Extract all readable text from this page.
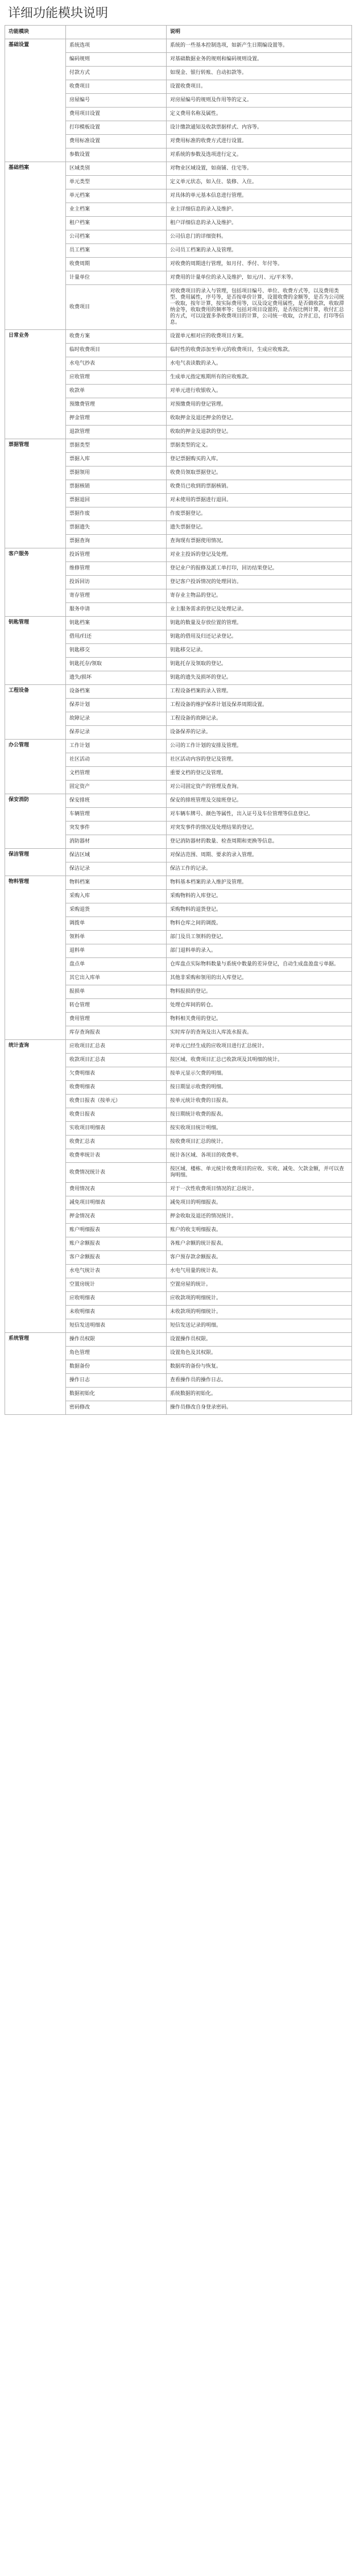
详细功能模块说明
功能模块		说明
基础设置	系统选项	系统的一些基本控制选项，如新产生日期编设置等。
	编码规则	对基础数据业务的规则和编码规则设置。
	付款方式	如现金、银行转账、自动扣款等。
	收费项目	设置收费项目。
	房屋编号	对房屋编号的规则及作用等的定义。
	费用项目设置	定义费用名称及属性。
	打印模板设置	设计缴款通知及收款票据样式、内容等。
	费用标准设置	对费用标准的收费方式进行设置。
	参数设置	对系统的参数及选项进行定义。
基础档案	区域类别	对物业区域设置，如商铺、住宅等。
	单元类型	定义单元状态，如入住、装修、入住。
	单元档案	对具体的单元基本信息进行管理。
	业主档案	业主详细信息的录入及维护。
	租户档案	租户详细信息的录入及维护。
	公司档案	公司信息门的详细资料。
	员工档案	公司员工档案的录入及管理。
	收费周期	对收费的周期进行管理，如月付、季付、年付等。
	计量单位	对费用的计量单位的录入及维护，如元/月、元/平米等。
	收费项目	对收费项目的录入与管理，包括项目编号、单位、收费方式等，以及费用类型、费用属性，序号等，是否按单价计算，设置收费的金额等，是否为公司统一收取，按年计算，按实际费用等，以及设定费用属性，是否做收款，收取滞纳金等，收取费用的频率等；包括对项目设置的，是否按比例计算，收付汇总的方式，可以设置多条收费项目的计算，公司统一收取，合并汇总，打印等信息。
日常业务	收费方案	设置单元相对应的收费项目方案。
	临时收费项目	临时性的收费添加至单元的收费项目，生成应收账款。
	水电气抄表	水电气表读数的录入。
	应收管理	生成单元指定账期所有的应收账款。
	收款单	对单元进行收银收入。
	预缴费管理	对预缴费用的登记管理。
	押金管理	收取押金及退还押金的登记。
	退款管理	收取的押金及退款的登记。
票据管理	票据类型	票据类型的定义。
	票据入库	登记票据购买的入库。
	票据领用	收费员领取票据登记。
	票据核销	收费员已收到的票据核销。
	票据退回	对未使用的票据进行退回。
	票据作废	作废票据登记。
	票据遗失	遗失票据登记。
	票据查询	查询现有票据使用情况。
客户服务	投诉管理	对业主投诉的登记及处理。
	维修管理	登记业户的报修及派工单打印，回访结果登记。
	投诉回访	登记客户投诉情况的处理回访。
	寄存管理	寄存业主物品的登记。
	服务申请	业主服务需求的登记及处理记录。
钥匙管理	钥匙档案	钥匙的数量及存放位置的管理。
	借用/归还	钥匙的借用及归还记录登记。
	钥匙移交	钥匙移交记录。
	钥匙托存/领取	钥匙托存及领取的登记。
	遗失/损坏	钥匙的遗失及损坏的登记。
工程设备	设备档案	工程设备档案的录入管理。
	保养计划	工程设备的维护保养计划及保养周期设置。
	故障记录	工程设备的故障记录。
	保养记录	设备保养的记录。
办公管理	工作计划	公司的工作计划的安排及管理。
	社区活动	社区活动内容的登记及管理。
	文档管理	重要文档的登记及管理。
	固定资产	对公司固定资产的管理及查询。
保安消防	保安排班	保安的排班管理及交接班登记。
	车辆管理	对车辆车牌号、颜色等属性，出入证号及车位管理等信息登记。
	突发事件	对突发事件的情况及处理结果的登记。
	消防器材	登记消防器材的数量、检查周期和更换等信息。
保洁管理	保洁区域	对保洁范围、周期、要求的录入管理。
	保洁记录	保洁工作的记录。
物料管理	物料档案	物料基本档案的录入维护及管理。
	采购入库	采购物料的入库登记。
	采购退货	采购物料的退货登记。
	调拨单	物料仓库之间的调拨。
	领料单	部门及员工领料的登记。
	退料单	部门退料单的录入。
	盘点单	仓库盘点实际物料数量与系统中数量的差异登记，自动生成盘盈盘亏单据。
	其它出入库单	其他非采购和领用的出入库登记。
	报损单	物料报损的登记。
	转仓管理	处理仓库间的转仓。
	费用管理	物料相关费用的登记。
	库存查询报表	实时库存的查询及出入库流水报表。
统计查询	应收项目汇总表	对单元已经生成的应收项目进行汇总统计。
	收款项目汇总表	按区域、收费项目汇总已收款项及其明细的统计。
	欠费明细表	按单元显示欠费的明细。
	收费明细表	按日期显示收费的明细。
	收费日报表（按单元）	按单元统计收费的日报表。
	收费日报表	按日期统计收费的报表。
	实收项目明细表	按实收项目统计明细。
	收费汇总表	按收费项目汇总的统计。
	收费率统计表	统计各区域、各项目的收费率。
	收费情况统计表	按区域、楼栋、单元统计收费项目的应收、实收、减免、欠款金额，并可以查询明细。
	费用情况表	对于一次性收费项目情况的汇总统计。
	减免项目明细表	减免项目的明细报表。
	押金情况表	押金收取及退还的情况统计。
	账户明细报表	账户的收支明细报表。
	账户余额报表	各账户余额的统计报表。
	客户余额报表	客户预存款余额报表。
	水电气统计表	水电气用量的统计表。
	空置房统计	空置房屋的统计。
	应收明细表	应收款项的明细统计。
	未收明细表	未收款项的明细统计。
	短信发送明细表	短信发送记录的明细。
系统管理	操作员权限	设置操作员权限。
	角色管理	设置角色及其权限。
	数据备份	数据库的备份与恢复。
	操作日志	查看操作员的操作日志。
	数据初始化	系统数据的初始化。
	密码修改	操作员修改自身登录密码。
